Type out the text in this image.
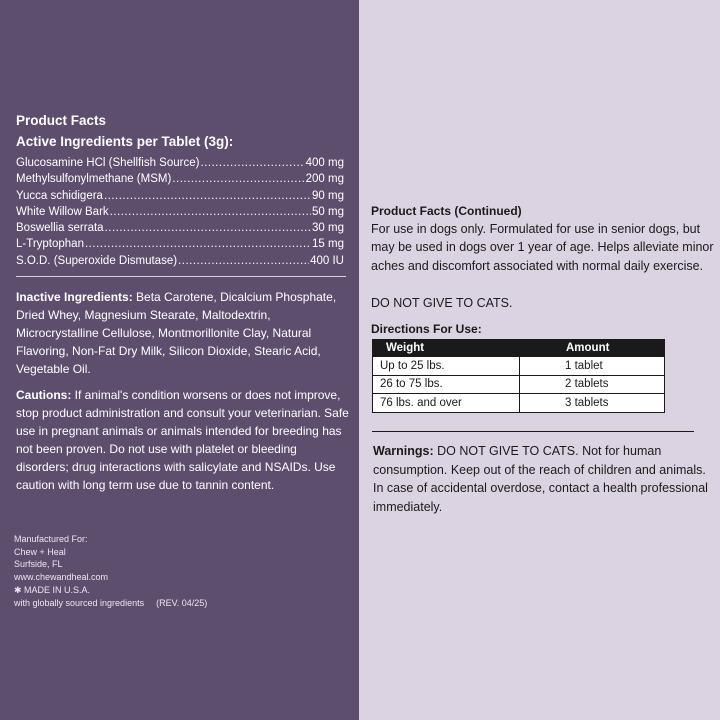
Product Facts
Active Ingredients per Tablet (3g):
Glucosamine HCl (Shellfish Source) .....	400 mg
Methylsulfonylmethane (MSM) .....	200 mg
Yucca schidigera .....	90 mg
White Willow Bark .....	50 mg
Boswellia serrata .....	30 mg
L-Tryptophan .....	15 mg
S.O.D. (Superoxide Dismutase) .....	400 IU
Inactive Ingredients: Beta Carotene, Dicalcium Phosphate, Dried Whey, Magnesium Stearate, Maltodextrin, Microcrystalline Cellulose, Montmorillonite Clay, Natural Flavoring, Non-Fat Dry Milk, Silicon Dioxide, Stearic Acid, Vegetable Oil.
Cautions: If animal's condition worsens or does not improve, stop product administration and consult your veterinarian. Safe use in pregnant animals or animals intended for breeding has not been proven. Do not use with platelet or bleeding disorders; drug interactions with salicylate and NSAIDs. Use caution with long term use due to tannin content.
Manufactured For:
Chew + Heal
Surfside, FL
www.chewandheal.com
✱ MADE IN U.S.A.
with globally sourced ingredients (REV. 04/25)
Product Facts (Continued)
For use in dogs only. Formulated for use in senior dogs, but may be used in dogs over 1 year of age. Helps alleviate minor aches and discomfort associated with normal daily exercise.
DO NOT GIVE TO CATS.
Directions For Use:
Weight	Amount
Up to 25 lbs.	1 tablet
26 to 75 lbs.	2 tablets
76 lbs. and over	3 tablets
Warnings: DO NOT GIVE TO CATS. Not for human consumption. Keep out of the reach of children and animals. In case of accidental overdose, contact a health professional immediately.
